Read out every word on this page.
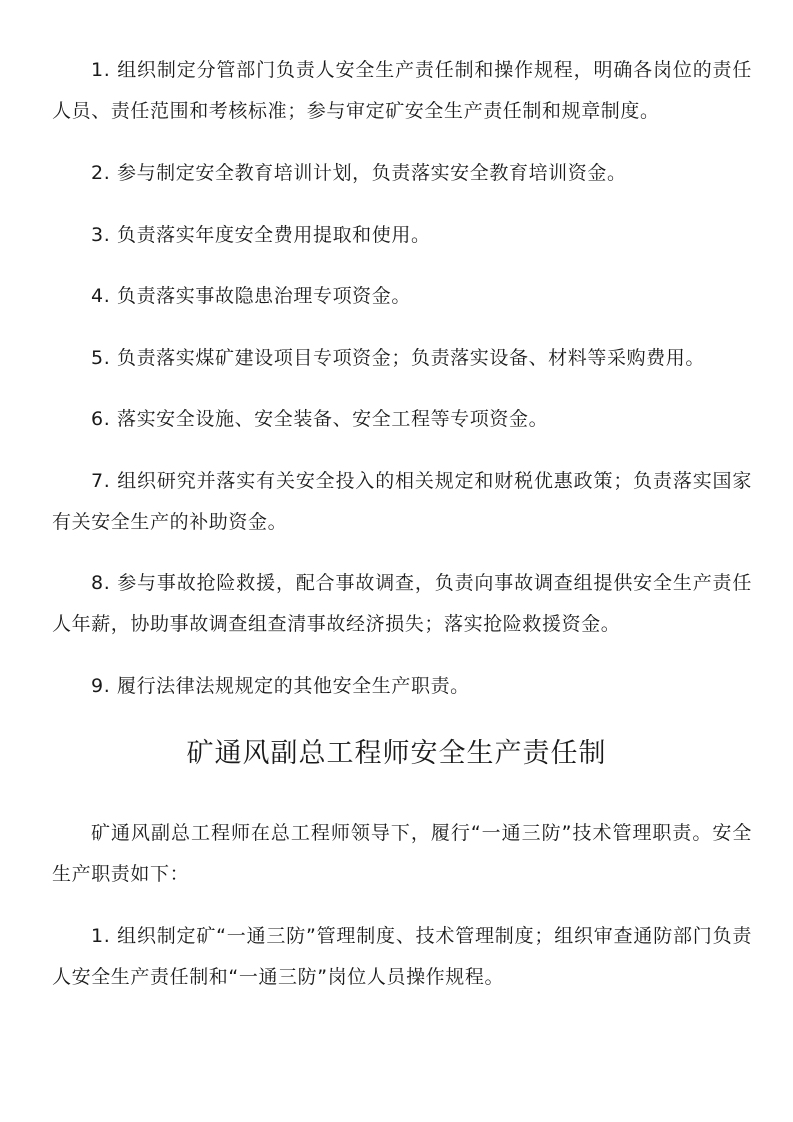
1. 组织制定分管部门负责人安全生产责任制和操作规程，明确各岗位的责任人员、责任范围和考核标准；参与审定矿安全生产责任制和规章制度。

2. 参与制定安全教育培训计划，负责落实安全教育培训资金。

3. 负责落实年度安全费用提取和使用。

4. 负责落实事故隐患治理专项资金。

5. 负责落实煤矿建设项目专项资金；负责落实设备、材料等采购费用。

6. 落实安全设施、安全装备、安全工程等专项资金。

7. 组织研究并落实有关安全投入的相关规定和财税优惠政策；负责落实国家有关安全生产的补助资金。

8. 参与事故抢险救援，配合事故调查，负责向事故调查组提供安全生产责任人年薪，协助事故调查组查清事故经济损失；落实抢险救援资金。

9. 履行法律法规规定的其他安全生产职责。

矿通风副总工程师安全生产责任制

矿通风副总工程师在总工程师领导下，履行“一通三防”技术管理职责。安全生产职责如下：

1. 组织制定矿“一通三防”管理制度、技术管理制度；组织审查通防部门负责人安全生产责任制和“一通三防”岗位人员操作规程。
